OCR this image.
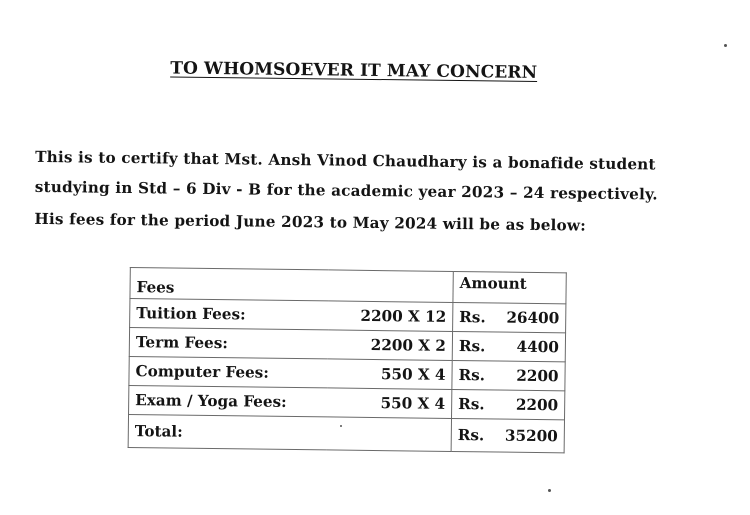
TO WHOMSOEVER IT MAY CONCERN
This is to certify that Mst. Ansh Vinod Chaudhary is a bonafide student
studying in Std – 6 Div - B for the academic year 2023 – 24 respectively.
His fees for the period June 2023 to May 2024 will be as below:
Fees		Amount
Tuition Fees:	2200 X 12	Rs. 26400

Term Fees:	2200 X 2	Rs. 4400

Computer Fees:	550 X 4	Rs. 2200

Exam / Yoga Fees:	550 X 4	Rs. 2200

Total:		Rs. 35200
